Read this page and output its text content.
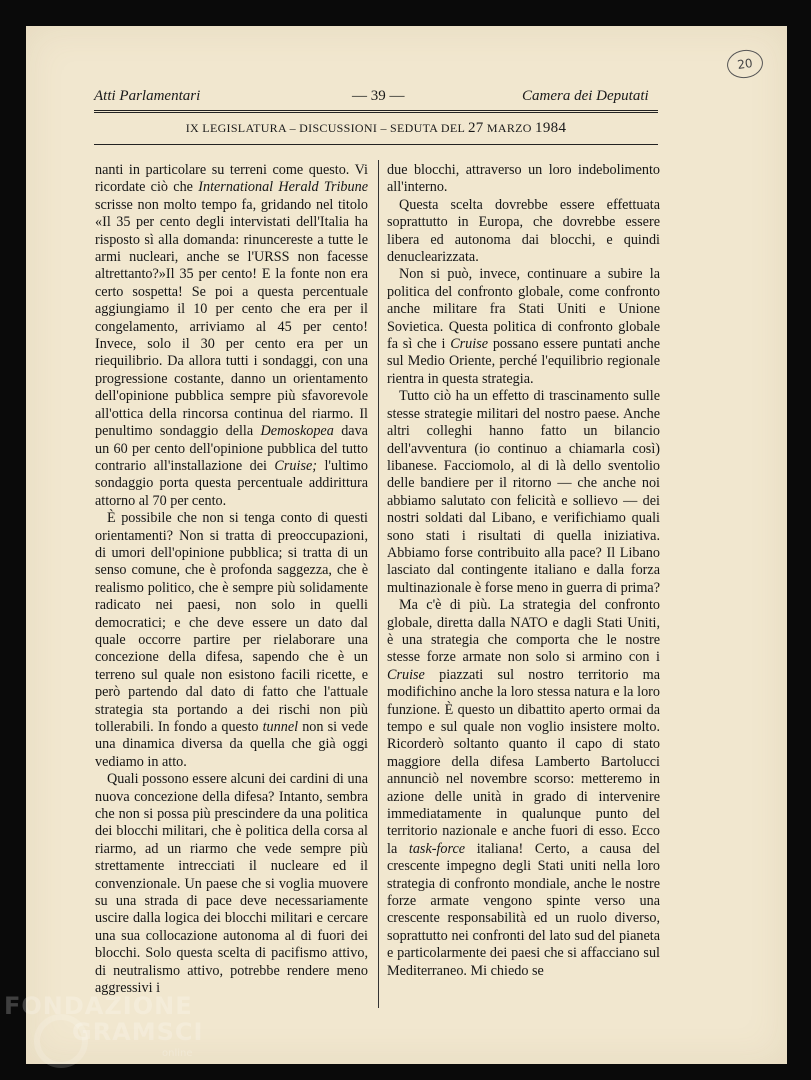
20
Atti Parlamentari	— 39 —	Camera dei Deputati
IX LEGISLATURA – DISCUSSIONI – SEDUTA DEL 27 MARZO 1984

nanti in particolare su terreni come questo. Vi ricordate ciò che International Herald Tribune scrisse non molto tempo fa, gridando nel titolo «Il 35 per cento degli intervistati dell'Italia ha risposto sì alla domanda: rinuncereste a tutte le armi nucleari, anche se l'URSS non facesse altrettanto?»Il 35 per cento! E la fonte non era certo sospetta! Se poi a questa percentuale aggiungiamo il 10 per cento che era per il congelamento, arriviamo al 45 per cento! Invece, solo il 30 per cento era per un riequilibrio. Da allora tutti i sondaggi, con una progressione costante, danno un orientamento dell'opinione pubblica sempre più sfavorevole all'ottica della rincorsa continua del riarmo. Il penultimo sondaggio della Demoskopea dava un 60 per cento dell'opinione pubblica del tutto contrario all'installazione dei Cruise; l'ultimo sondaggio porta questa percentuale addirittura attorno al 70 per cento.

È possibile che non si tenga conto di questi orientamenti? Non si tratta di preoccupazioni, di umori dell'opinione pubblica; si tratta di un senso comune, che è profonda saggezza, che è realismo politico, che è sempre più solidamente radicato nei paesi, non solo in quelli democratici; e che deve essere un dato dal quale occorre partire per rielaborare una concezione della difesa, sapendo che è un terreno sul quale non esistono facili ricette, e però partendo dal dato di fatto che l'attuale strategia sta portando a dei rischi non più tollerabili. In fondo a questo tunnel non si vede una dinamica diversa da quella che già oggi vediamo in atto.

Quali possono essere alcuni dei cardini di una nuova concezione della difesa? Intanto, sembra che non si possa più prescindere da una politica dei blocchi militari, che è politica della corsa al riarmo, ad un riarmo che vede sempre più strettamente intrecciati il nucleare ed il convenzionale. Un paese che si voglia muovere su una strada di pace deve necessariamente uscire dalla logica dei blocchi militari e cercare una sua collocazione autonoma al di fuori dei blocchi. Solo questa scelta di pacifismo attivo, di neutralismo attivo, potrebbe rendere meno aggressivi i

due blocchi, attraverso un loro indebolimento all'interno.

Questa scelta dovrebbe essere effettuata soprattutto in Europa, che dovrebbe essere libera ed autonoma dai blocchi, e quindi denuclearizzata.

Non si può, invece, continuare a subire la politica del confronto globale, come confronto anche militare fra Stati Uniti e Unione Sovietica. Questa politica di confronto globale fa sì che i Cruise possano essere puntati anche sul Medio Oriente, perché l'equilibrio regionale rientra in questa strategia.

Tutto ciò ha un effetto di trascinamento sulle stesse strategie militari del nostro paese. Anche altri colleghi hanno fatto un bilancio dell'avventura (io continuo a chiamarla così) libanese. Facciomolo, al di là dello sventolio delle bandiere per il ritorno — che anche noi abbiamo salutato con felicità e sollievo — dei nostri soldati dal Libano, e verifichiamo quali sono stati i risultati di quella iniziativa. Abbiamo forse contribuito alla pace? Il Libano lasciato dal contingente italiano e dalla forza multinazionale è forse meno in guerra di prima?

Ma c'è di più. La strategia del confronto globale, diretta dalla NATO e dagli Stati Uniti, è una strategia che comporta che le nostre stesse forze armate non solo si armino con i Cruise piazzati sul nostro territorio ma modifichino anche la loro stessa natura e la loro funzione. È questo un dibattito aperto ormai da tempo e sul quale non voglio insistere molto. Ricorderò soltanto quanto il capo di stato maggiore della difesa Lamberto Bartolucci annunciò nel novembre scorso: metteremo in azione delle unità in grado di intervenire immediatamente in qualunque punto del territorio nazionale e anche fuori di esso. Ecco la task-force italiana! Certo, a causa del crescente impegno degli Stati uniti nella loro strategia di confronto mondiale, anche le nostre forze armate vengono spinte verso una crescente responsabilità ed un ruolo diverso, soprattutto nei confronti del lato sud del pianeta e particolarmente dei paesi che si affacciano sul Mediterraneo. Mi chiedo se

FONDAZIONE
GRAMSCI
online
